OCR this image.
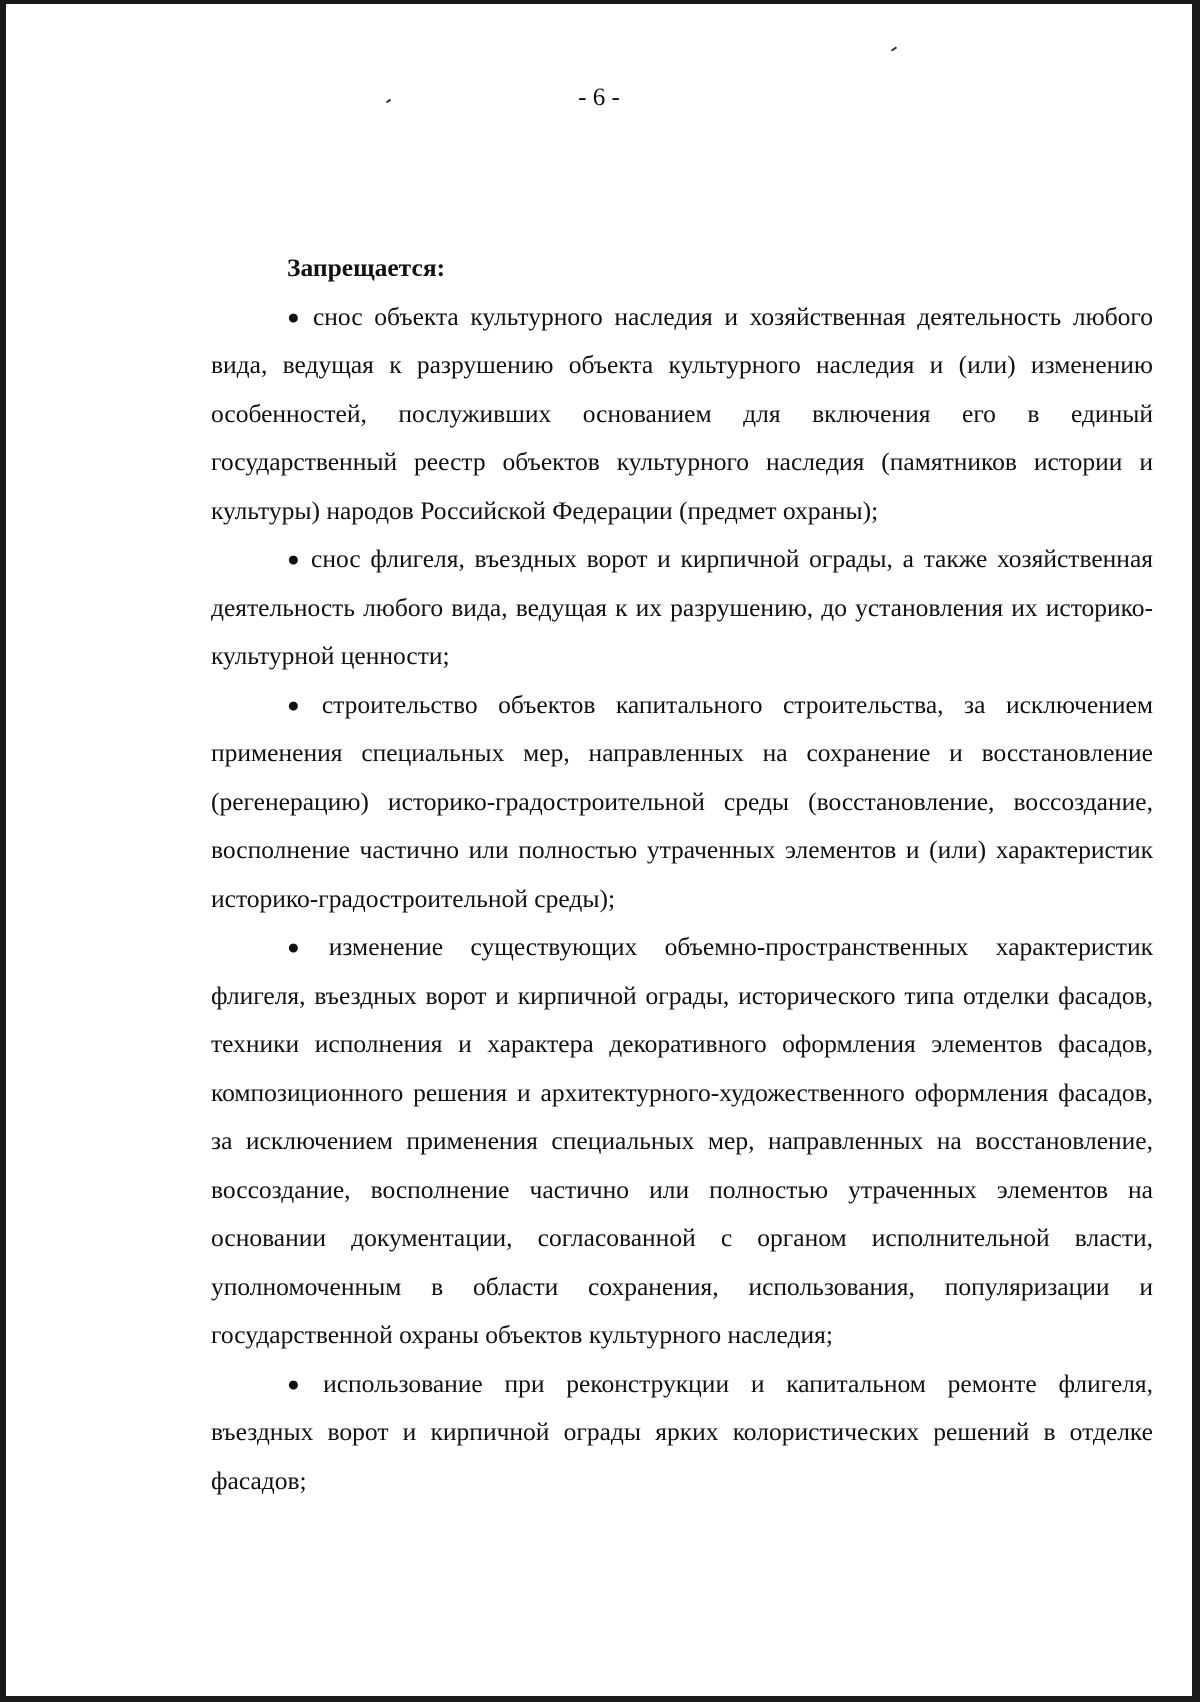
- 6 -

Запрещается:

● снос объекта культурного наследия и хозяйственная деятельность любого вида, ведущая к разрушению объекта культурного наследия и (или) изменению особенностей, послуживших основанием для включения его в единый государственный реестр объектов культурного наследия (памятников истории и культуры) народов Российской Федерации (предмет охраны);

● снос флигеля, въездных ворот и кирпичной ограды, а также хозяйственная деятельность любого вида, ведущая к их разрушению, до установления их историко-культурной ценности;

● строительство объектов капитального строительства, за исключением применения специальных мер, направленных на сохранение и восстановление (регенерацию) историко-градостроительной среды (восстановление, воссоздание, восполнение частично или полностью утраченных элементов и (или) характеристик историко-градостроительной среды);

● изменение существующих объемно-пространственных характеристик флигеля, въездных ворот и кирпичной ограды, исторического типа отделки фасадов, техники исполнения и характера декоративного оформления элементов фасадов, композиционного решения и архитектурного-художественного оформления фасадов, за исключением применения специальных мер, направленных на восстановление, воссоздание, восполнение частично или полностью утраченных элементов на основании документации, согласованной с органом исполнительной власти, уполномоченным в области сохранения, использования, популяризации и государственной охраны объектов культурного наследия;

● использование при реконструкции и капитальном ремонте флигеля, въездных ворот и кирпичной ограды ярких колористических решений в отделке фасадов;
